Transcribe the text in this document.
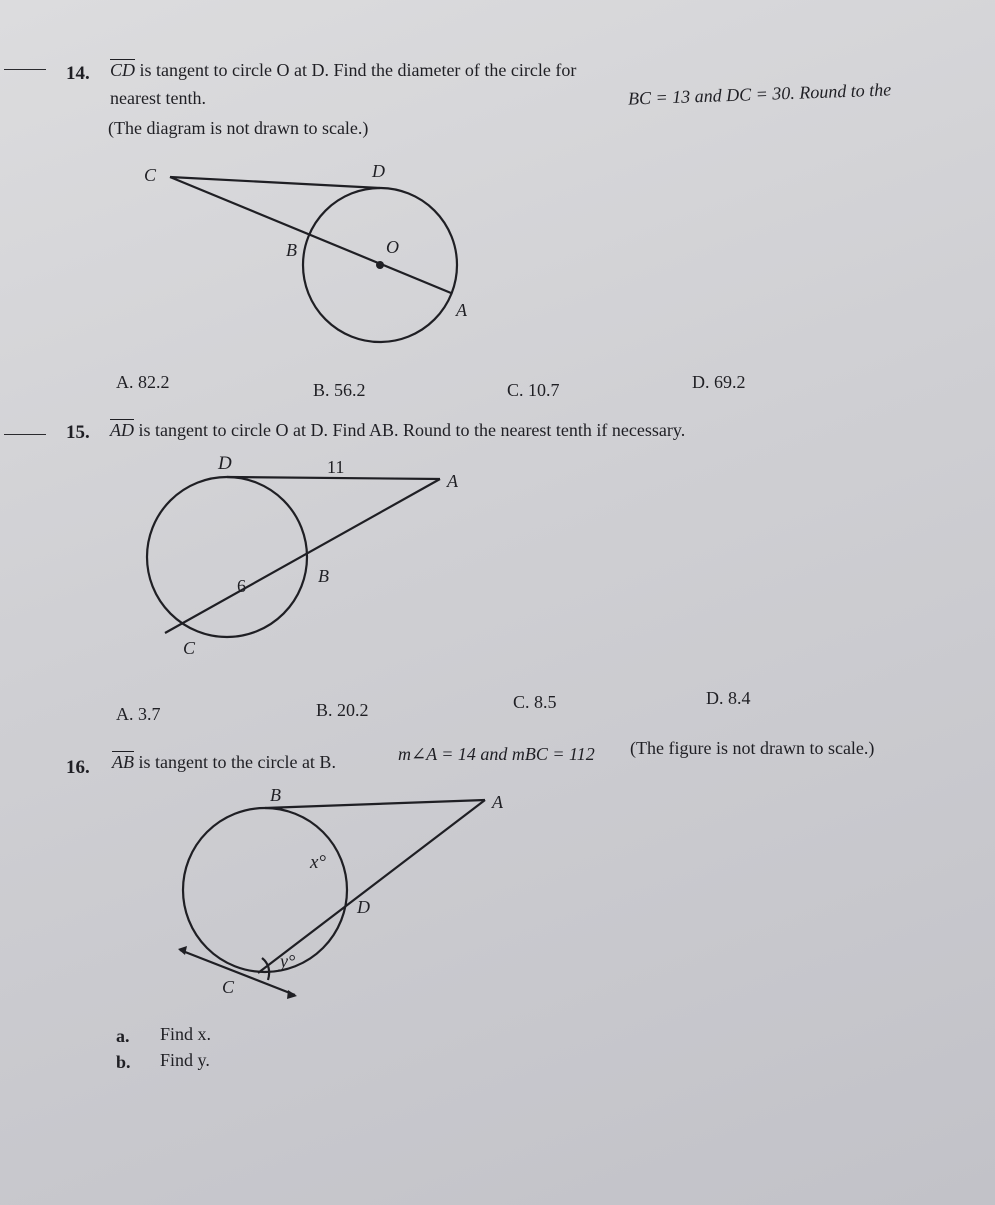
14. $\overline{CD}$ is tangent to circle O at D. Find the diameter of the circle for
BC = 13 and DC = 30. Round to the
nearest tenth.
(The diagram is not drawn to scale.)
C	D
B	O
A
D	11
A
6	B
C
B	A
x°
D
y°
C
A. 82.2	B. 56.2	C. 10.7	D. 69.2
15. $\overline{AD}$ is tangent to circle O at D. Find AB. Round to the nearest tenth if necessary.
A. 3.7	B. 20.2	C. 8.5	D. 8.4
16. $\overline{AB}$ is tangent to the circle at B.	m∠A = 14 and mBC = 112 (The figure is not drawn to scale.)
a. Find x.
b. Find y.
